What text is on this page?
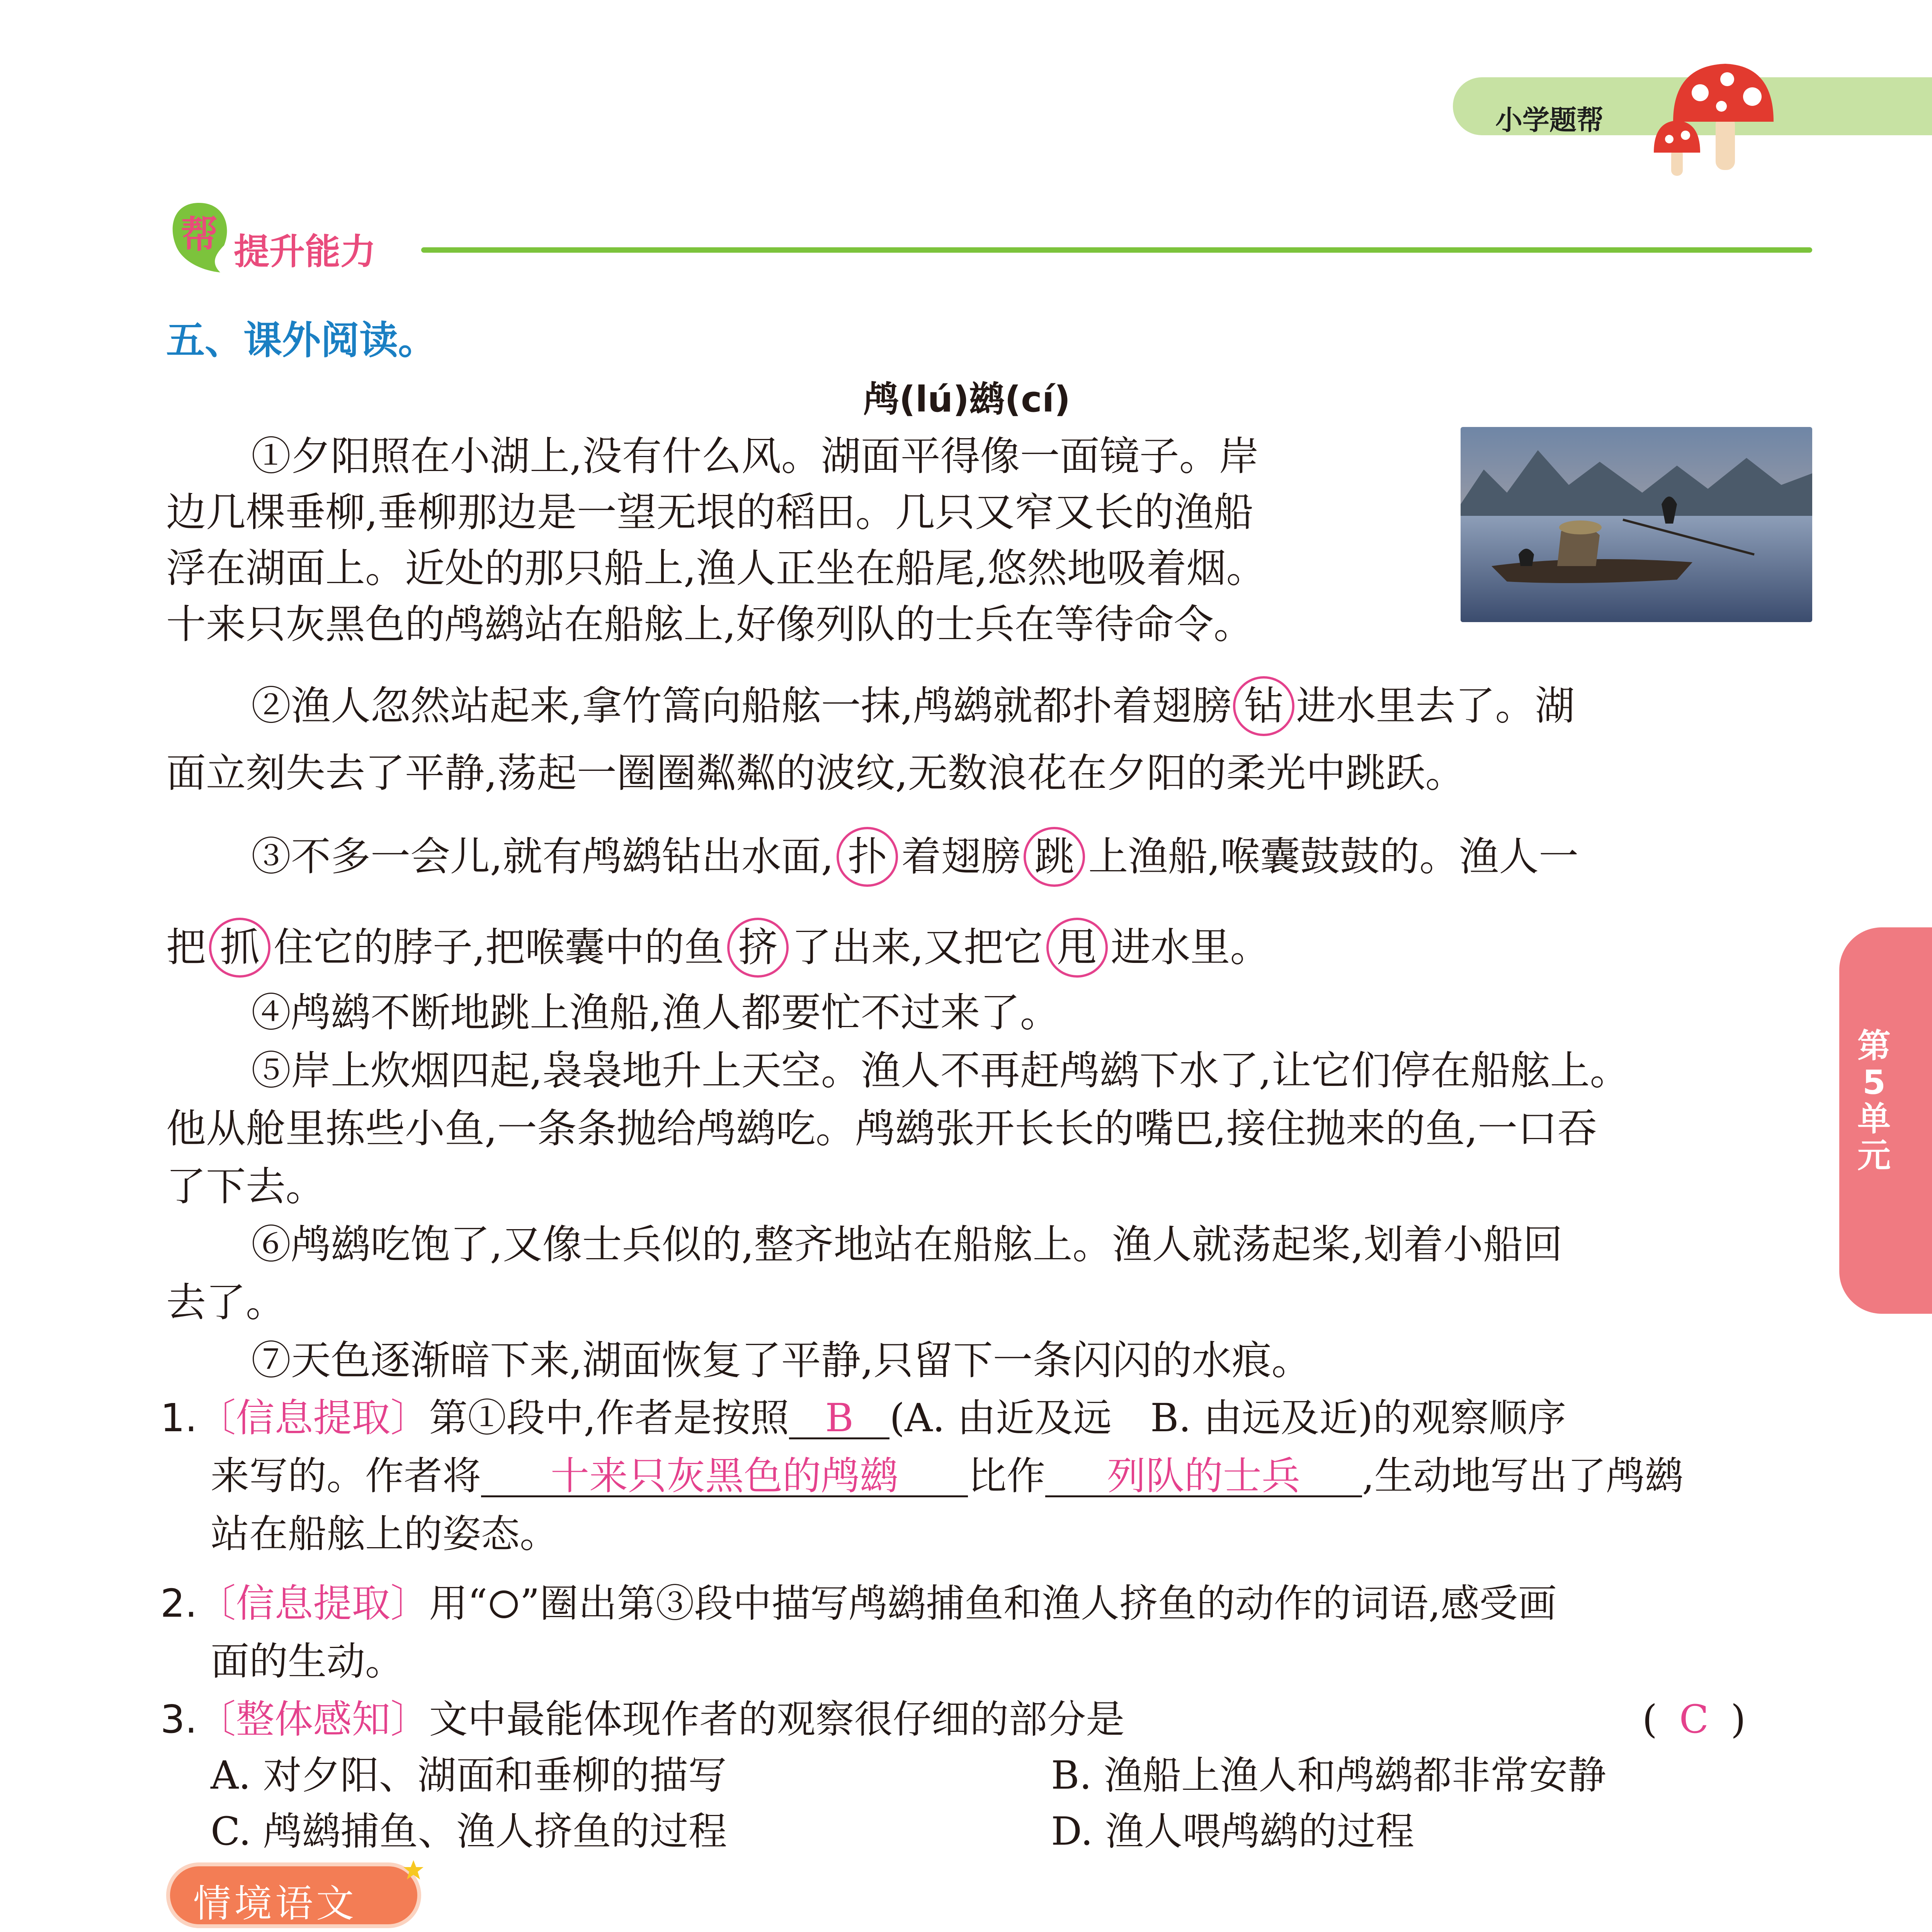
小学题帮
帮 提升能力
五、课外阅读。
鸬(lú)鹚(cí)
①夕阳照在小湖上,没有什么风。湖面平得像一面镜子。岸
边几棵垂柳,垂柳那边是一望无垠的稻田。几只又窄又长的渔船
浮在湖面上。近处的那只船上,渔人正坐在船尾,悠然地吸着烟。
十来只灰黑色的鸬鹚站在船舷上,好像列队的士兵在等待命令。
②渔人忽然站起来,拿竹篙向船舷一抹,鸬鹚就都扑着翅膀 钻 进水里去了。湖
面立刻失去了平静,荡起一圈圈粼粼的波纹,无数浪花在夕阳的柔光中跳跃。
③不多一会儿,就有鸬鹚钻出水面, 扑 着翅膀 跳 上渔船,喉囊鼓鼓的。渔人一
把 抓 住它的脖子,把喉囊中的鱼 挤 了出来,又把它 甩 进水里。
④鸬鹚不断地跳上渔船,渔人都要忙不过来了。
⑤岸上炊烟四起,袅袅地升上天空。渔人不再赶鸬鹚下水了,让它们停在船舷上。
他从舱里拣些小鱼,一条条抛给鸬鹚吃。鸬鹚张开长长的嘴巴,接住抛来的鱼,一口吞
了下去。
⑥鸬鹚吃饱了,又像士兵似的,整齐地站在船舷上。渔人就荡起桨,划着小船回
去了。
⑦天色逐渐暗下来,湖面恢复了平静,只留下一条闪闪的水痕。
第
5
单
元
1.〔信息提取〕第①段中,作者是按照 B (A. 由近及远　B. 由远及近)的观察顺序
来写的。作者将 十来只灰黑色的鸬鹚 比作 列队的士兵 ,生动地写出了鸬鹚
站在船舷上的姿态。
2.〔信息提取〕用“ ”圈出第③段中描写鸬鹚捕鱼和渔人挤鱼的动作的词语,感受画
面的生动。
3.〔整体感知〕文中最能体现作者的观察很仔细的部分是	( C )
A. 对夕阳、湖面和垂柳的描写	B. 渔船上渔人和鸬鹚都非常安静
C. 鸬鹚捕鱼、渔人挤鱼的过程	D. 渔人喂鸬鹚的过程
情境语文
